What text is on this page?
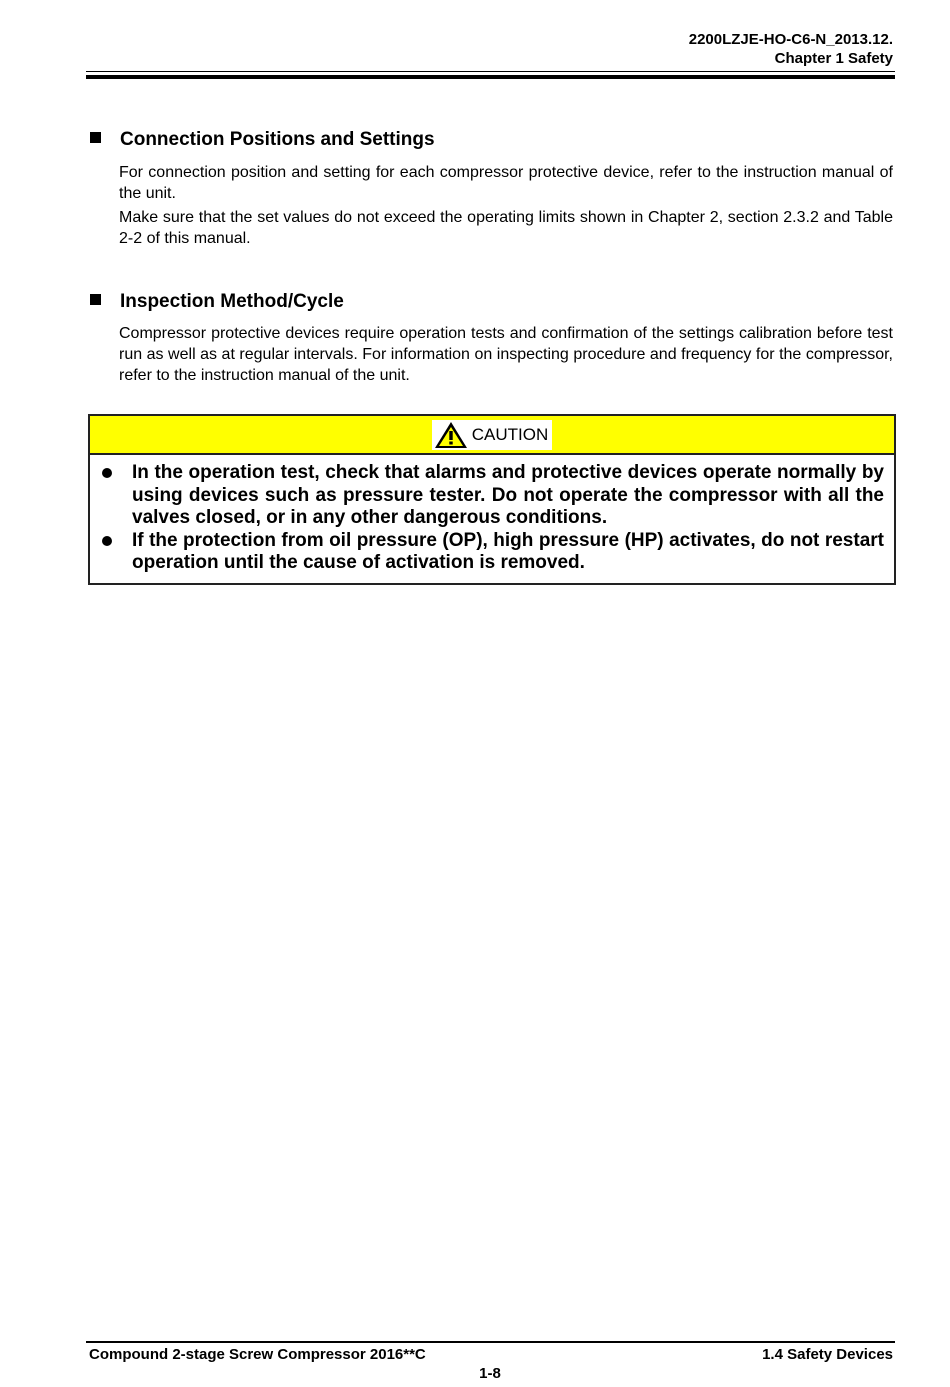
2200LZJE-HO-C6-N_2013.12.
Chapter 1 Safety
Connection Positions and Settings

For connection position and setting for each compressor protective device, refer to the instruction manual of the unit.

Make sure that the set values do not exceed the operating limits shown in Chapter 2, section 2.3.2 and Table 2-2 of this manual.

Inspection Method/Cycle

Compressor protective devices require operation tests and confirmation of the settings calibration before test run as well as at regular intervals. For information on inspecting procedure and frequency for the compressor, refer to the instruction manual of the unit.

CAUTION
In the operation test, check that alarms and protective devices operate normally by using devices such as pressure tester. Do not operate the compressor with all the valves closed, or in any other dangerous conditions.
If the protection from oil pressure (OP), high pressure (HP) activates, do not restart operation until the cause of activation is removed.
Compound 2-stage Screw Compressor 2016**C	1.4 Safety Devices
1-8
